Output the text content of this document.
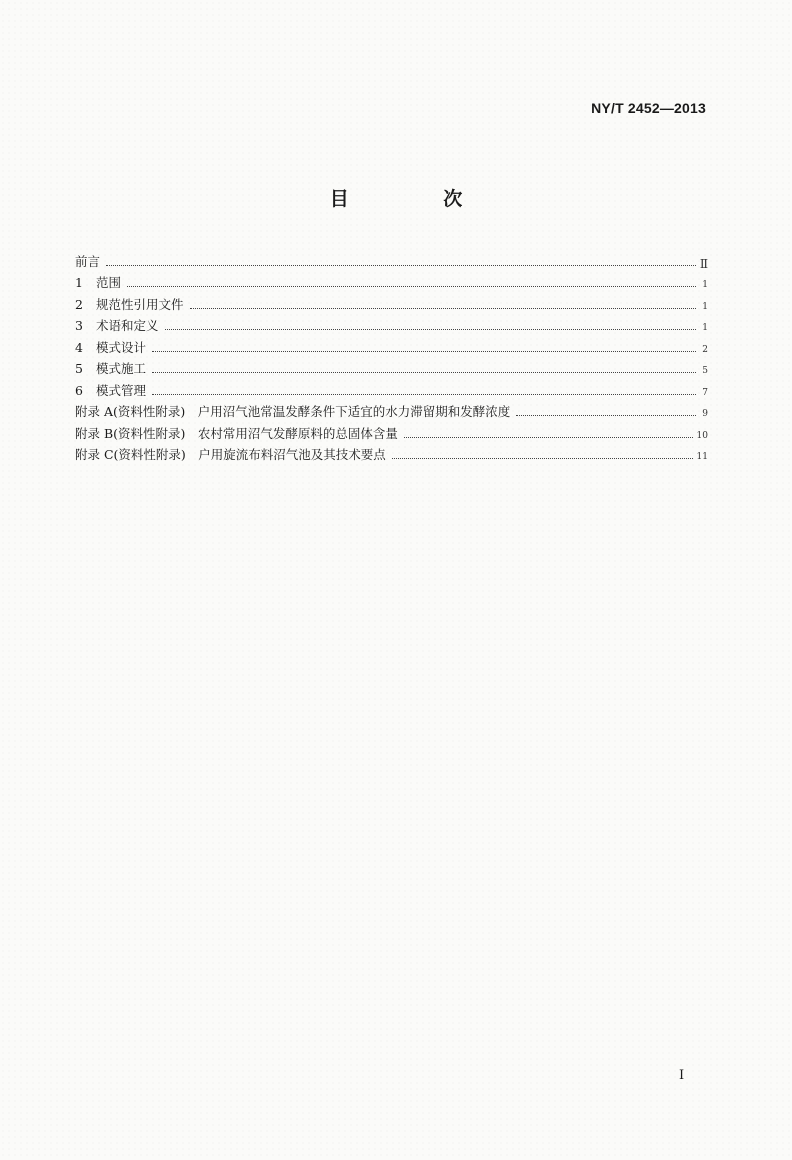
NY/T 2452—2013
目 次
前言	Ⅱ
1	范围	1
2	规范性引用文件	1
3	术语和定义	1
4	模式设计	2
5	模式施工	5
6	模式管理	7
附录 A(资料性附录)　户用沼气池常温发酵条件下适宜的水力滞留期和发酵浓度	9
附录 B(资料性附录)　农村常用沼气发酵原料的总固体含量	10
附录 C(资料性附录)　户用旋流布料沼气池及其技术要点	11
Ⅰ
